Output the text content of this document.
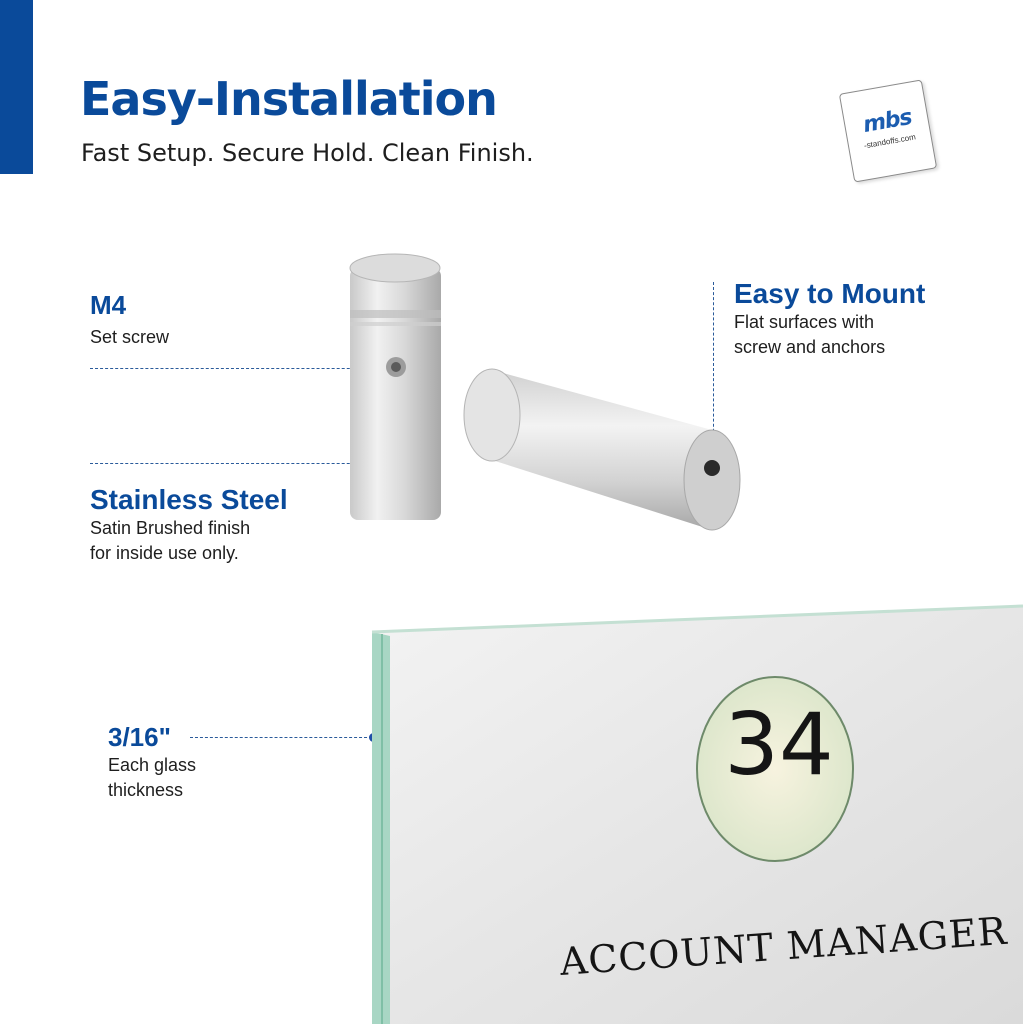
Easy-Installation
Fast Setup. Secure Hold. Clean Finish.
mbs
-standoffs.com
M4
Set screw
Stainless Steel
Satin Brushed finish
for inside use only.
Easy to Mount
Flat surfaces with
screw and anchors
3/16"
Each glass
thickness	34
ACCOUNT MANAGER
